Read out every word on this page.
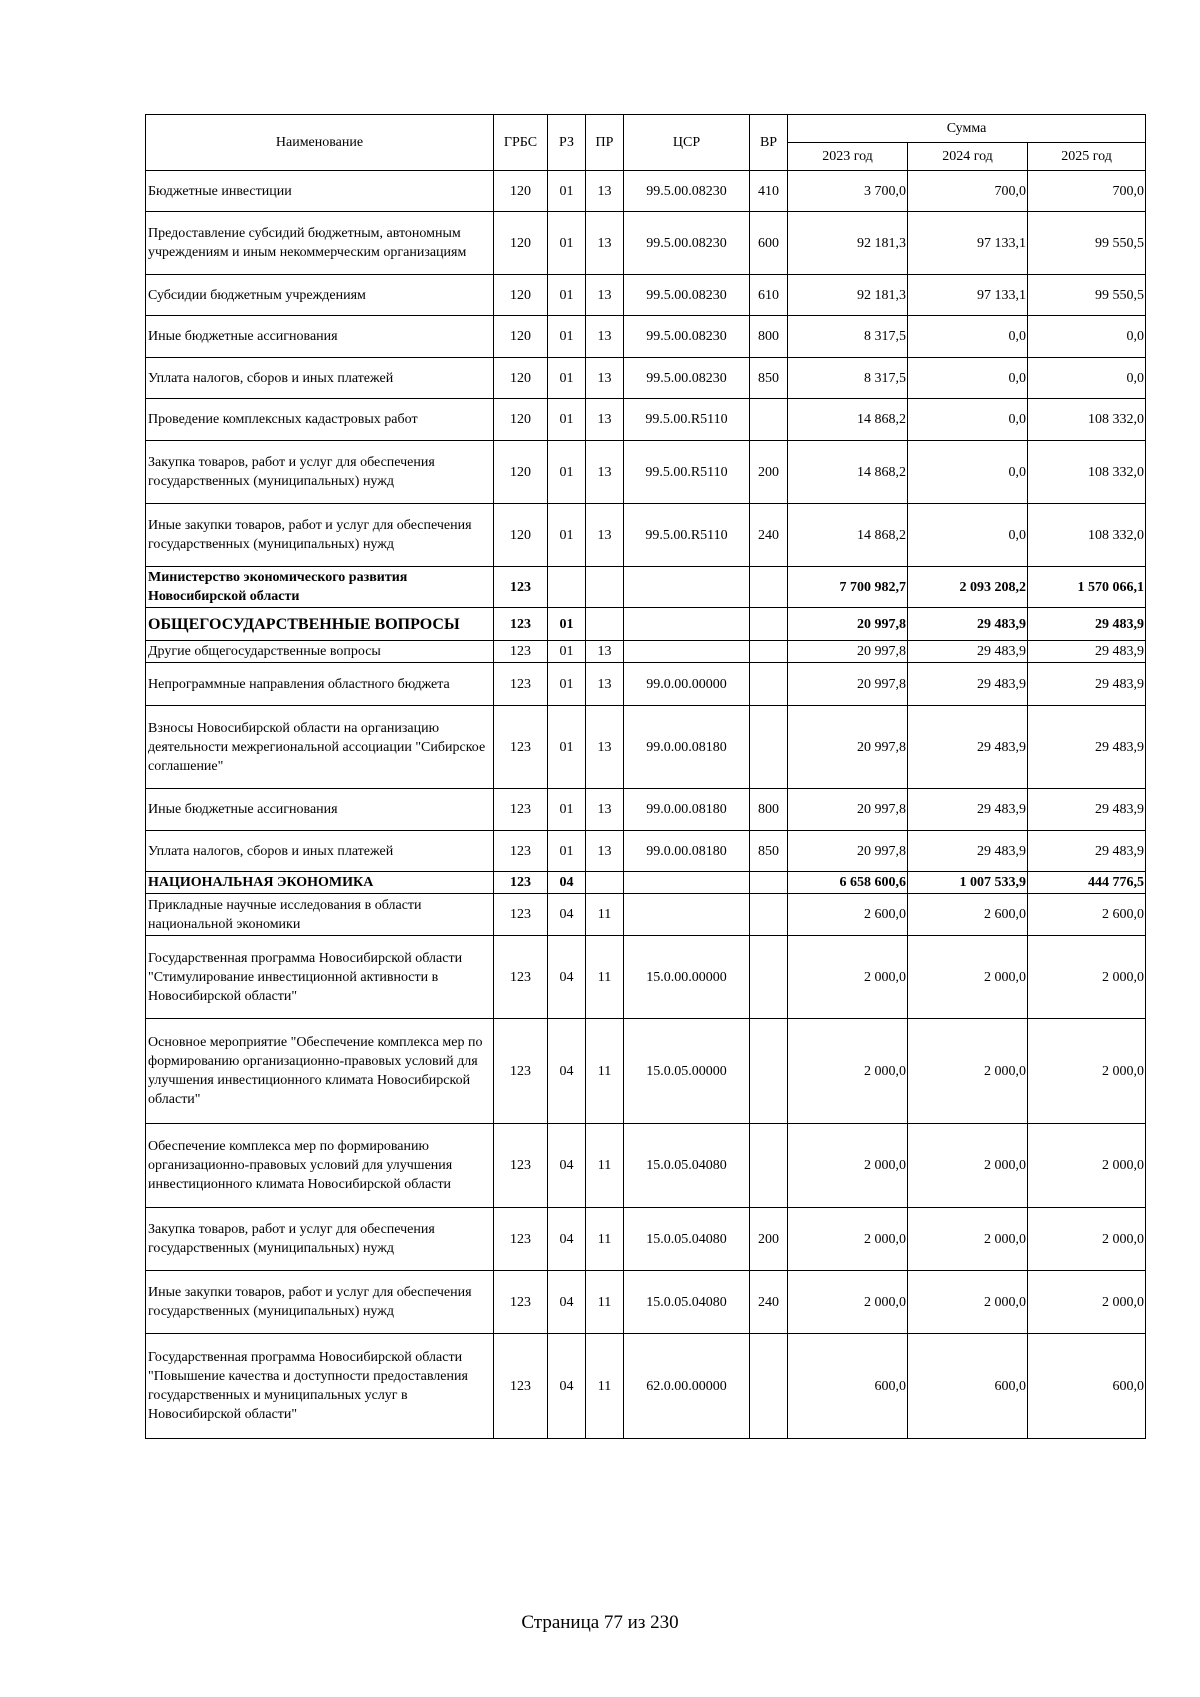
Наименование	ГРБС	РЗ	ПР	ЦСР	ВР	Сумма		
						2023 год	2024 год	2025 год
Бюджетные инвестиции	120	01	13	99.5.00.08230	410	3 700,0	700,0	700,0
Предоставление субсидий бюджетным, автономным учреждениям и иным некоммерческим организациям	120	01	13	99.5.00.08230	600	92 181,3	97 133,1	99 550,5
Субсидии бюджетным учреждениям	120	01	13	99.5.00.08230	610	92 181,3	97 133,1	99 550,5
Иные бюджетные ассигнования	120	01	13	99.5.00.08230	800	8 317,5	0,0	0,0
Уплата налогов, сборов и иных платежей	120	01	13	99.5.00.08230	850	8 317,5	0,0	0,0
Проведение комплексных кадастровых работ	120	01	13	99.5.00.R5110		14 868,2	0,0	108 332,0
Закупка товаров, работ и услуг для обеспечения государственных (муниципальных) нужд	120	01	13	99.5.00.R5110	200	14 868,2	0,0	108 332,0
Иные закупки товаров, работ и услуг для обеспечения государственных (муниципальных) нужд	120	01	13	99.5.00.R5110	240	14 868,2	0,0	108 332,0
Министерство экономического развития Новосибирской области	123					7 700 982,7	2 093 208,2	1 570 066,1
ОБЩЕГОСУДАРСТВЕННЫЕ ВОПРОСЫ	123	01				20 997,8	29 483,9	29 483,9
Другие общегосударственные вопросы	123	01	13			20 997,8	29 483,9	29 483,9
Непрограммные направления областного бюджета	123	01	13	99.0.00.00000		20 997,8	29 483,9	29 483,9
Взносы Новосибирской области на организацию деятельности межрегиональной ассоциации "Сибирское соглашение"	123	01	13	99.0.00.08180		20 997,8	29 483,9	29 483,9
Иные бюджетные ассигнования	123	01	13	99.0.00.08180	800	20 997,8	29 483,9	29 483,9
Уплата налогов, сборов и иных платежей	123	01	13	99.0.00.08180	850	20 997,8	29 483,9	29 483,9
НАЦИОНАЛЬНАЯ ЭКОНОМИКА	123	04				6 658 600,6	1 007 533,9	444 776,5
Прикладные научные исследования в области национальной экономики	123	04	11			2 600,0	2 600,0	2 600,0
Государственная программа Новосибирской области "Стимулирование инвестиционной активности в Новосибирской области"	123	04	11	15.0.00.00000		2 000,0	2 000,0	2 000,0
Основное мероприятие "Обеспечение комплекса мер по формированию организационно-правовых условий для улучшения инвестиционного климата Новосибирской области"	123	04	11	15.0.05.00000		2 000,0	2 000,0	2 000,0
Обеспечение комплекса мер по формированию организационно-правовых условий для улучшения инвестиционного климата Новосибирской области	123	04	11	15.0.05.04080		2 000,0	2 000,0	2 000,0
Закупка товаров, работ и услуг для обеспечения государственных (муниципальных) нужд	123	04	11	15.0.05.04080	200	2 000,0	2 000,0	2 000,0
Иные закупки товаров, работ и услуг для обеспечения государственных (муниципальных) нужд	123	04	11	15.0.05.04080	240	2 000,0	2 000,0	2 000,0
Государственная программа Новосибирской области "Повышение качества и доступности предоставления государственных и муниципальных услуг в Новосибирской области"	123	04	11	62.0.00.00000		600,0	600,0	600,0
Страница 77 из 230
